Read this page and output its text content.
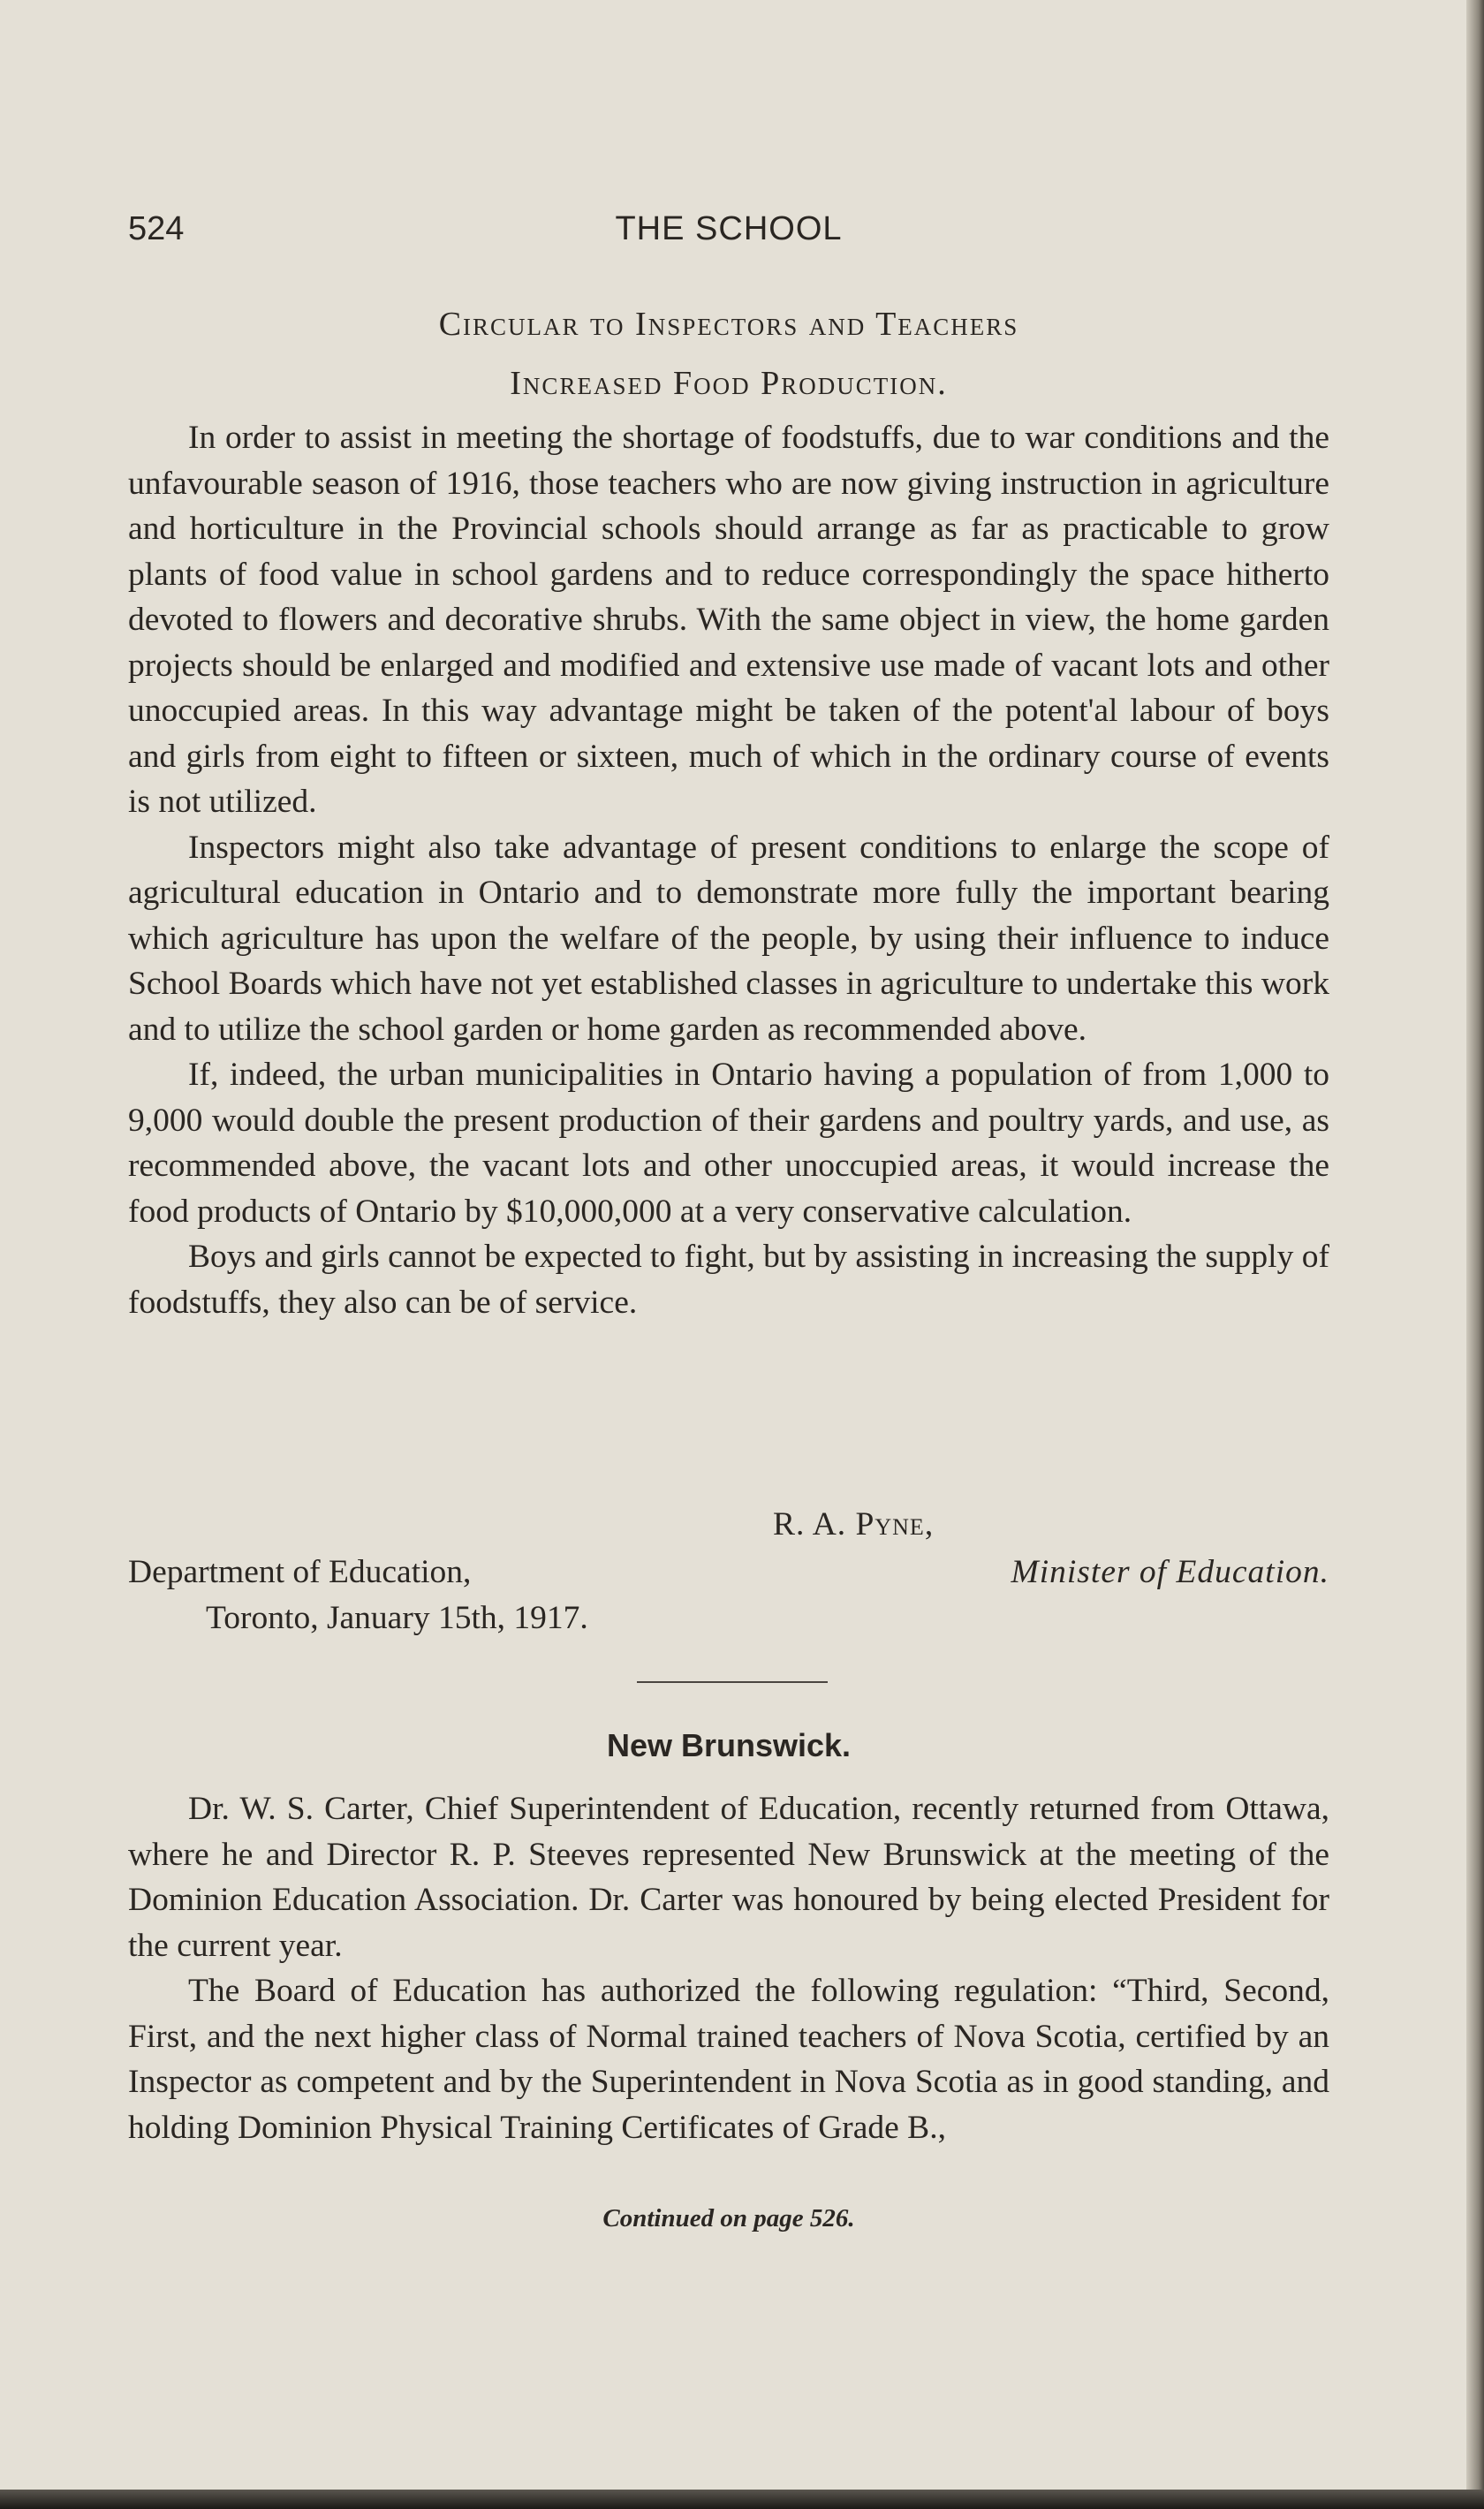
524	THE SCHOOL
Circular to Inspectors and Teachers
Increased Food Production.

In order to assist in meeting the shortage of foodstuffs, due to war conditions and the unfavourable season of 1916, those teachers who are now giving instruction in agriculture and horticulture in the Provincial schools should arrange as far as practicable to grow plants of food value in school gardens and to reduce correspondingly the space hitherto devoted to flowers and decorative shrubs. With the same object in view, the home garden projects should be enlarged and modified and extensive use made of vacant lots and other unoccupied areas. In this way advantage might be taken of the potent'al labour of boys and girls from eight to fifteen or sixteen, much of which in the ordinary course of events is not utilized.

Inspectors might also take advantage of present conditions to enlarge the scope of agricultural education in Ontario and to demonstrate more fully the important bearing which agriculture has upon the welfare of the people, by using their influence to induce School Boards which have not yet established classes in agriculture to undertake this work and to utilize the school garden or home garden as recommended above.

If, indeed, the urban municipalities in Ontario having a population of from 1,000 to 9,000 would double the present production of their gardens and poultry yards, and use, as recommended above, the vacant lots and other unoccupied areas, it would increase the food products of Ontario by $10,000,000 at a very conservative calculation.

Boys and girls cannot be expected to fight, but by assisting in increasing the supply of foodstuffs, they also can be of service.

R. A. Pyne,
Department of Education,	Minister of Education.
Toronto, January 15th, 1917.
New Brunswick.

Dr. W. S. Carter, Chief Superintendent of Education, recently returned from Ottawa, where he and Director R. P. Steeves represented New Brunswick at the meeting of the Dominion Education Association. Dr. Carter was honoured by being elected President for the current year.

The Board of Education has authorized the following regulation: “Third, Second, First, and the next higher class of Normal trained teachers of Nova Scotia, certified by an Inspector as competent and by the Superintendent in Nova Scotia as in good standing, and holding Dominion Physical Training Certificates of Grade B.,

Continued on page 526.
